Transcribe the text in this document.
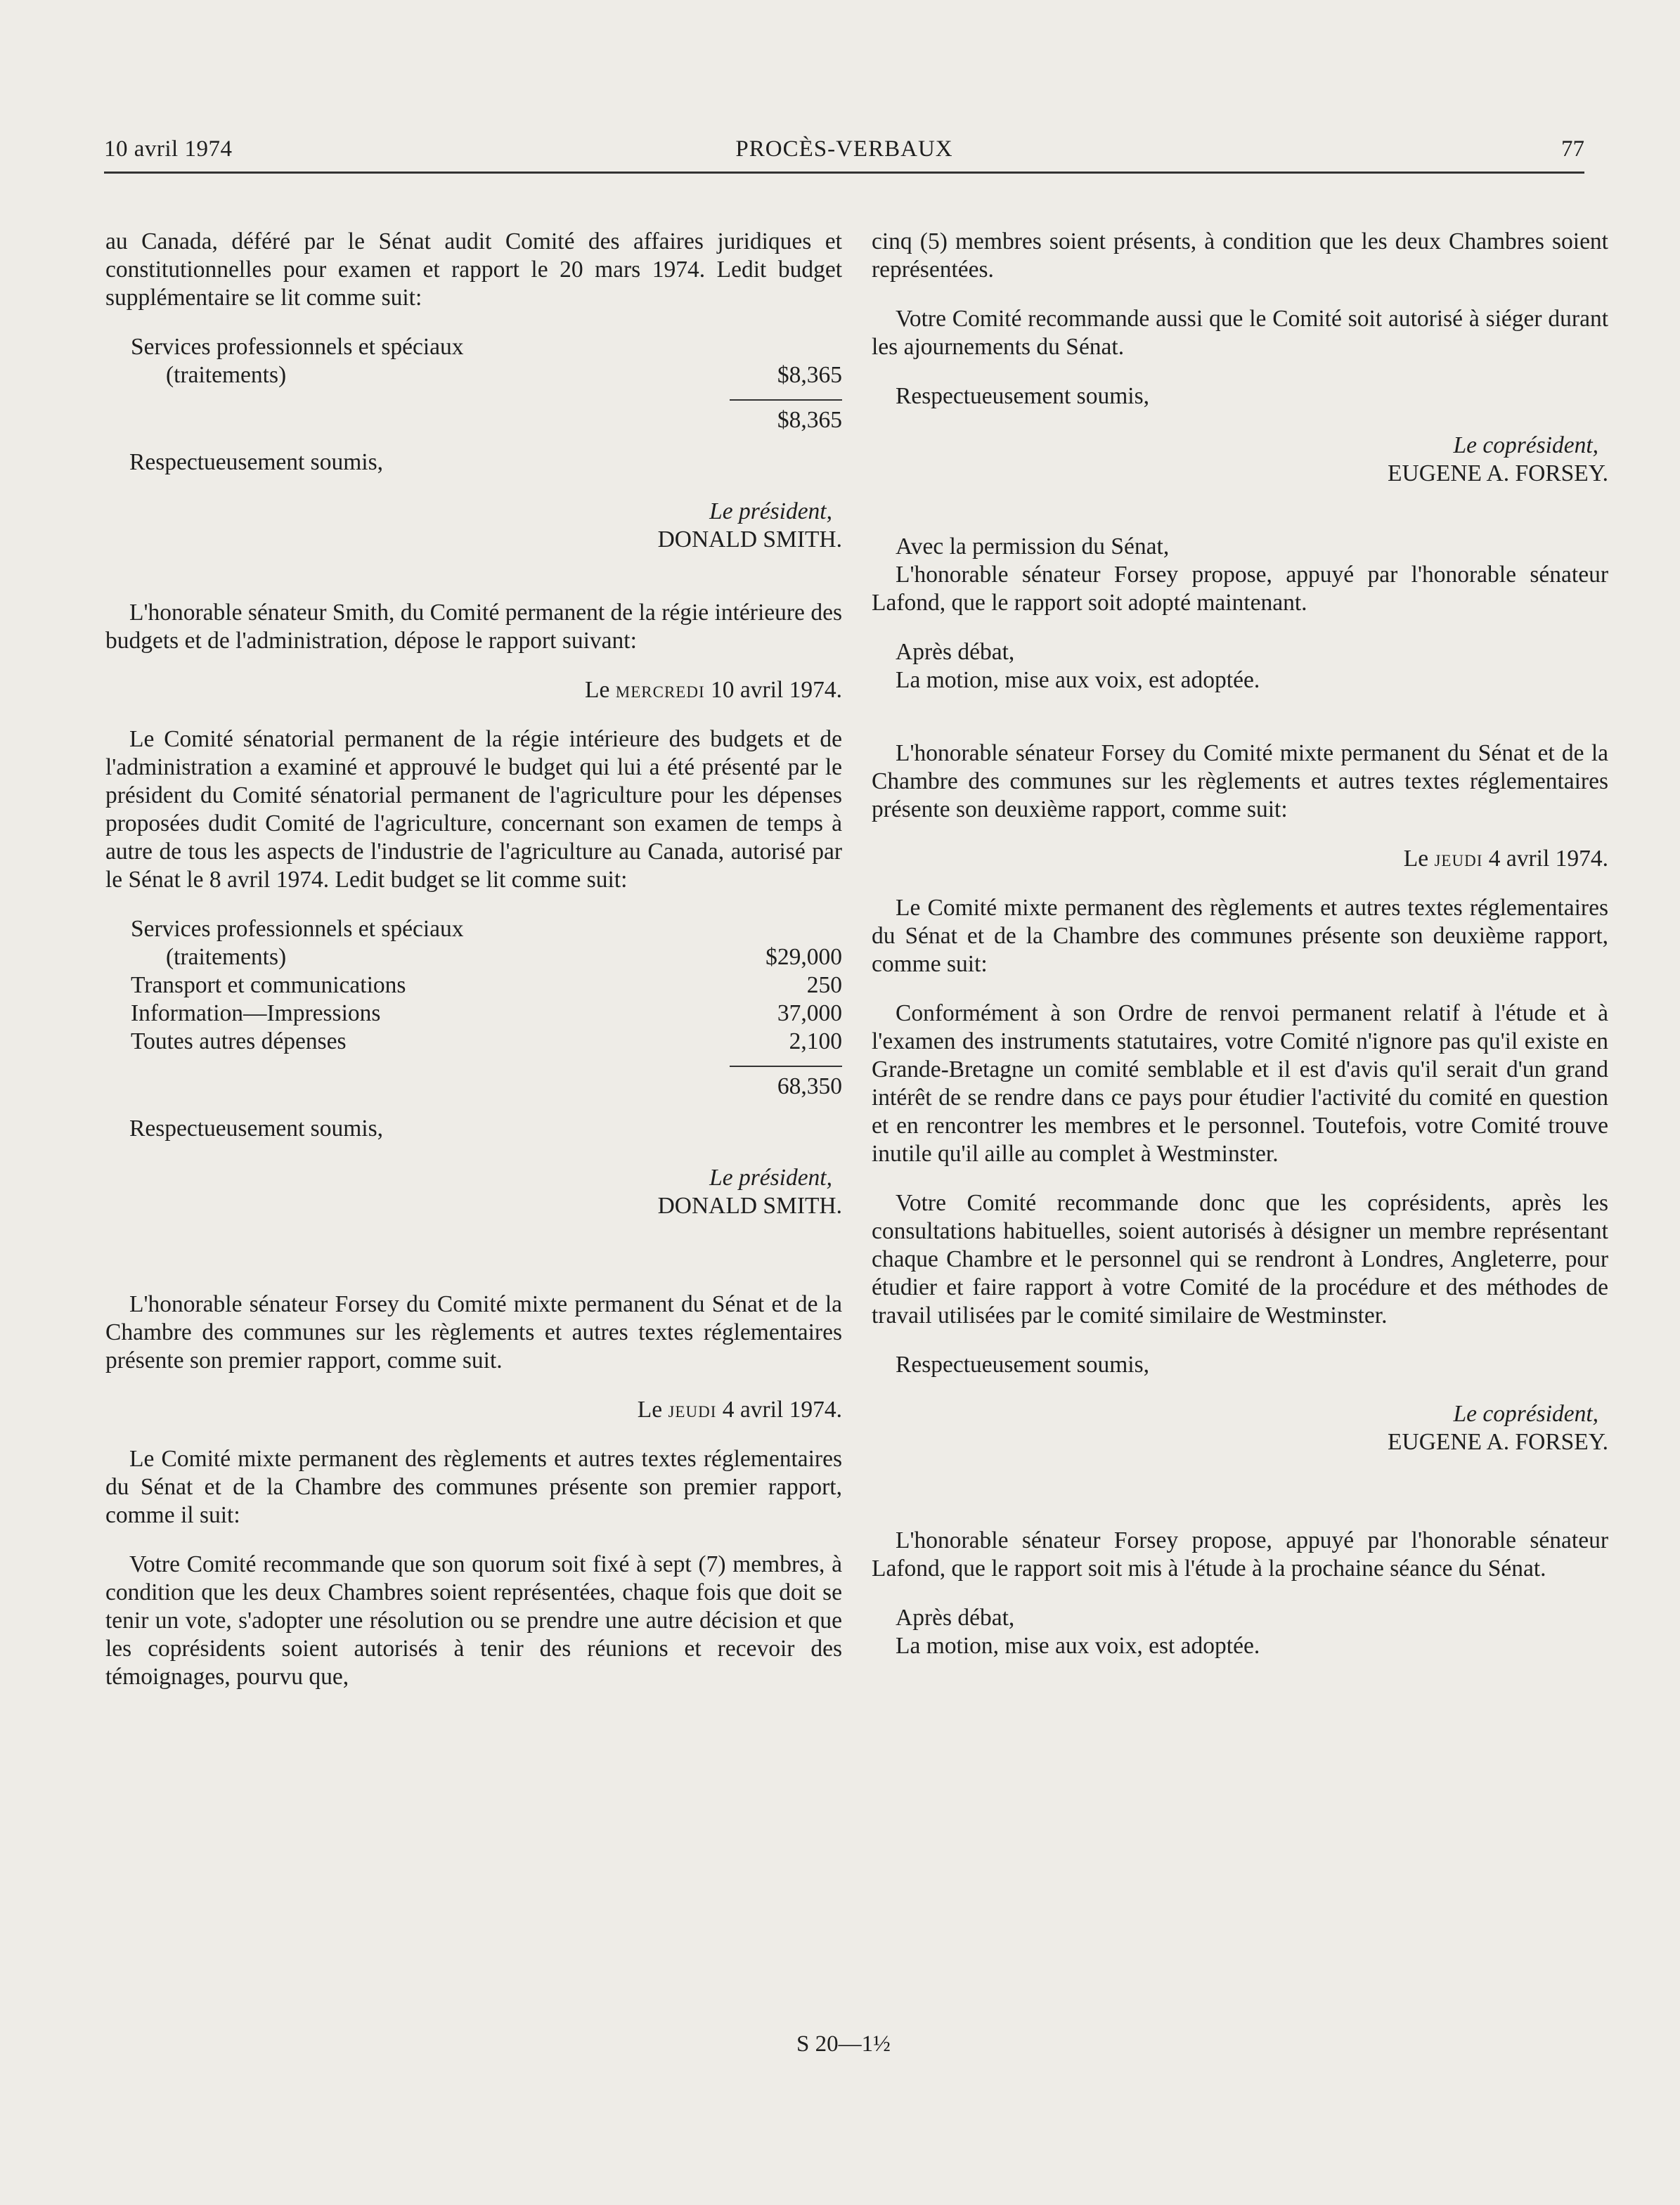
10 avril 1974	PROCÈS-VERBAUX	77

au Canada, déféré par le Sénat audit Comité des affaires juridiques et constitutionnelles pour examen et rapport le 20 mars 1974. Ledit budget supplémentaire se lit comme suit:

Services professionnels et spéciaux
(traitements)	$8,365
$8,365

Respectueusement soumis,

Le président,
DONALD SMITH.

L'honorable sénateur Smith, du Comité permanent de la régie intérieure des budgets et de l'administration, dépose le rapport suivant:

Le mercredi 10 avril 1974.

Le Comité sénatorial permanent de la régie intérieure des budgets et de l'administration a examiné et approuvé le budget qui lui a été présenté par le président du Comité sénatorial permanent de l'agriculture pour les dépenses proposées dudit Comité de l'agriculture, concernant son examen de temps à autre de tous les aspects de l'industrie de l'agriculture au Canada, autorisé par le Sénat le 8 avril 1974. Ledit budget se lit comme suit:

Services professionnels et spéciaux
(traitements)	$29,000
Transport et communications	250
Information—Impressions	37,000
Toutes autres dépenses	2,100
68,350

Respectueusement soumis,

Le président,
DONALD SMITH.

L'honorable sénateur Forsey du Comité mixte permanent du Sénat et de la Chambre des communes sur les règlements et autres textes réglementaires présente son premier rapport, comme suit.

Le jeudi 4 avril 1974.

Le Comité mixte permanent des règlements et autres textes réglementaires du Sénat et de la Chambre des communes présente son premier rapport, comme il suit:

Votre Comité recommande que son quorum soit fixé à sept (7) membres, à condition que les deux Chambres soient représentées, chaque fois que doit se tenir un vote, s'adopter une résolution ou se prendre une autre décision et que les coprésidents soient autorisés à tenir des réunions et recevoir des témoignages, pourvu que,

cinq (5) membres soient présents, à condition que les deux Chambres soient représentées.

Votre Comité recommande aussi que le Comité soit autorisé à siéger durant les ajournements du Sénat.

Respectueusement soumis,

Le coprésident,
EUGENE A. FORSEY.
Avec la permission du Sénat,

L'honorable sénateur Forsey propose, appuyé par l'honorable sénateur Lafond, que le rapport soit adopté maintenant.

Après débat,

La motion, mise aux voix, est adoptée.

L'honorable sénateur Forsey du Comité mixte permanent du Sénat et de la Chambre des communes sur les règlements et autres textes réglementaires présente son deuxième rapport, comme suit:

Le jeudi 4 avril 1974.

Le Comité mixte permanent des règlements et autres textes réglementaires du Sénat et de la Chambre des communes présente son deuxième rapport, comme suit:

Conformément à son Ordre de renvoi permanent relatif à l'étude et à l'examen des instruments statutaires, votre Comité n'ignore pas qu'il existe en Grande-Bretagne un comité semblable et il est d'avis qu'il serait d'un grand intérêt de se rendre dans ce pays pour étudier l'activité du comité en question et en rencontrer les membres et le personnel. Toutefois, votre Comité trouve inutile qu'il aille au complet à Westminster.

Votre Comité recommande donc que les coprésidents, après les consultations habituelles, soient autorisés à désigner un membre représentant chaque Chambre et le personnel qui se rendront à Londres, Angleterre, pour étudier et faire rapport à votre Comité de la procédure et des méthodes de travail utilisées par le comité similaire de Westminster.

Respectueusement soumis,

Le coprésident,
EUGENE A. FORSEY.

L'honorable sénateur Forsey propose, appuyé par l'honorable sénateur Lafond, que le rapport soit mis à l'étude à la prochaine séance du Sénat.

Après débat,

La motion, mise aux voix, est adoptée.

S 20—1½
